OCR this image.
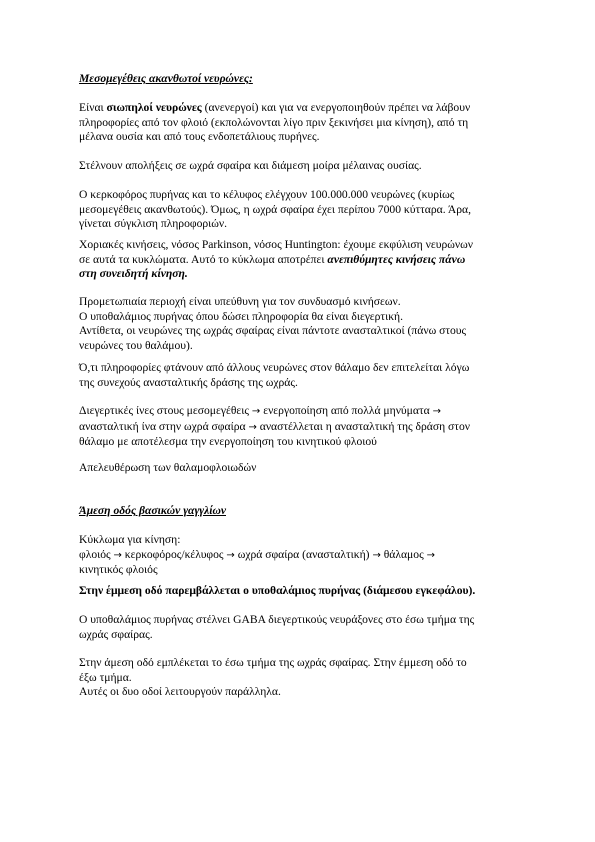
Μεσομεγέθεις ακανθωτοί νευρώνες:

Είναι σιωπηλοί νευρώνες (ανενεργοί) και για να ενεργοποιηθούν πρέπει να λάβουν
πληροφορίες από τον φλοιό (εκπολώνονται λίγο πριν ξεκινήσει μια κίνηση), από τη
μέλανα ουσία και από τους ενδοπετάλιους πυρήνες.

Στέλνουν απολήξεις σε ωχρά σφαίρα και διάμεση μοίρα μέλαινας ουσίας.

Ο κερκοφόρος πυρήνας και το κέλυφος ελέγχουν 100.000.000 νευρώνες (κυρίως
μεσομεγέθεις ακανθωτούς). Όμως, η ωχρά σφαίρα έχει περίπου 7000 κύτταρα. Άρα,
γίνεται σύγκλιση πληροφοριών.

Χοριακές κινήσεις, νόσος Parkinson, νόσος Huntington: έχουμε εκφύλιση νευρώνων
σε αυτά τα κυκλώματα. Αυτό το κύκλωμα αποτρέπει ανεπιθύμητες κινήσεις πάνω
στη συνειδητή κίνηση.

Προμετωπιαία περιοχή είναι υπεύθυνη για τον συνδυασμό κινήσεων.
Ο υποθαλάμιος πυρήνας όπου δώσει πληροφορία θα είναι διεγερτική.
Αντίθετα, οι νευρώνες της ωχράς σφαίρας είναι πάντοτε ανασταλτικοί (πάνω στους
νευρώνες του θαλάμου).

Ό,τι πληροφορίες φτάνουν από άλλους νευρώνες στον θάλαμο δεν επιτελείται λόγω
της συνεχούς ανασταλτικής δράσης της ωχράς.

Διεγερτικές ίνες στους μεσομεγέθεις → ενεργοποίηση από πολλά μηνύματα →
ανασταλτική ίνα στην ωχρά σφαίρα → αναστέλλεται η ανασταλτική της δράση στον
θάλαμο με αποτέλεσμα την ενεργοποίηση του κινητικού φλοιού

Απελευθέρωση των θαλαμοφλοιωδών

Άμεση οδός βασικών γαγγλίων

Κύκλωμα για κίνηση:
φλοιός → κερκοφόρος/κέλυφος → ωχρά σφαίρα (ανασταλτική) → θάλαμος →
κινητικός φλοιός

Στην έμμεση οδό παρεμβάλλεται ο υποθαλάμιος πυρήνας (διάμεσου εγκεφάλου).

Ο υποθαλάμιος πυρήνας στέλνει GABA διεγερτικούς νευράξονες στο έσω τμήμα της
ωχράς σφαίρας.

Στην άμεση οδό εμπλέκεται το έσω τμήμα της ωχράς σφαίρας. Στην έμμεση οδό το
έξω τμήμα.
Αυτές οι δυο οδοί λειτουργούν παράλληλα.
